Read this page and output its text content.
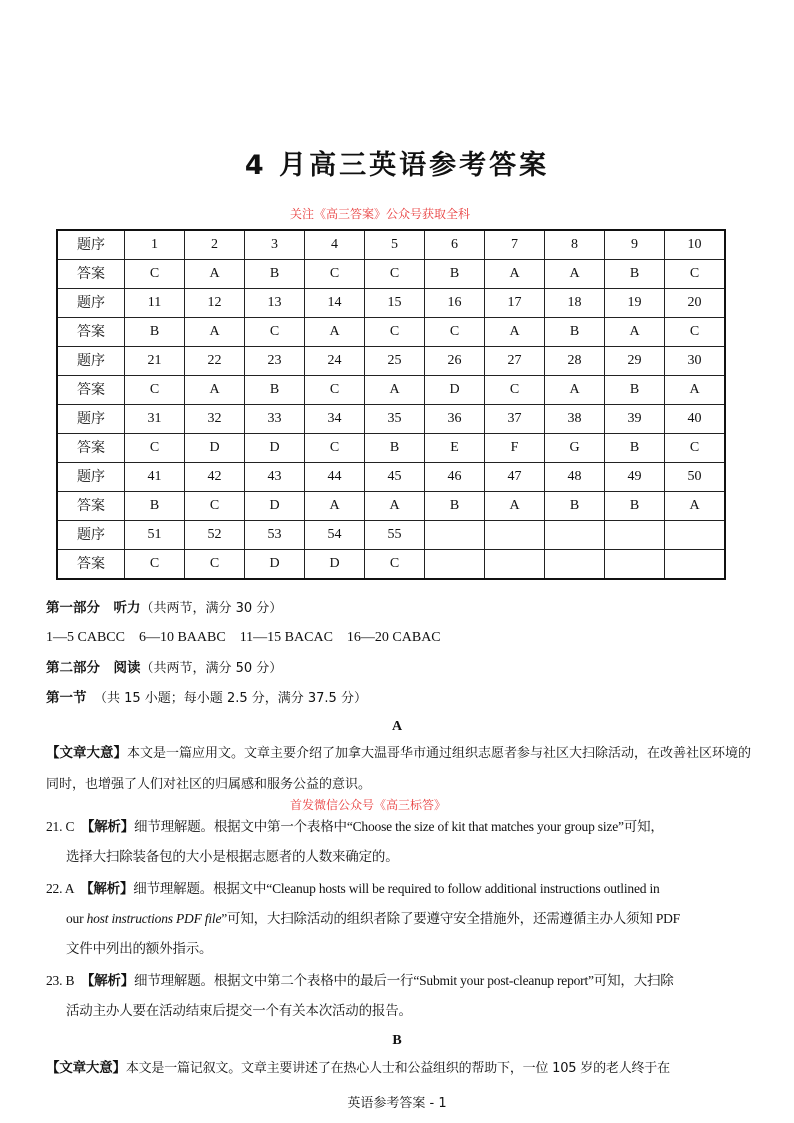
4 月高三英语参考答案
题序	1	2	3	4	5	6	7	8	9	10
答案	C	A	B	C	C	B	A	A	B	C
题序	11	12	13	14	15	16	17	18	19	20
答案	B	A	C	A	C	C	A	B	A	C
题序	21	22	23	24	25	26	27	28	29	30
答案	C	A	B	C	A	D	C	A	B	A
题序	31	32	33	34	35	36	37	38	39	40
答案	C	D	D	C	B	E	F	G	B	C
题序	41	42	43	44	45	46	47	48	49	50
答案	B	C	D	A	A	B	A	B	B	A
题序	51	52	53	54	55					
答案	C	C	D	D	C					
关注《高三答案》公众号获取全科
第一部分　听力（共两节，满分 30 分）
1—5 CABCC　6—10 BAABC　11—15 BACAC　16—20 CABAC
第二部分　阅读（共两节，满分 50 分）
第一节　 （共 15 小题；每小题 2.5 分，满分 37.5 分）
A
【文章大意】本文是一篇应用文。文章主要介绍了加拿大温哥华市通过组织志愿者参与社区大扫除活动，在改善社区环境的同时，也增强了人们对社区的归属感和服务公益的意识。
首发微信公众号《高三标答》
21. C　 【解析】细节理解题。根据文中第一个表格中“Choose the size of kit that matches your group size”可知，
选择大扫除装备包的大小是根据志愿者的人数来确定的。
22. A　 【解析】细节理解题。根据文中“Cleanup hosts will be required to follow additional instructions outlined in
our host instructions PDF file”可知，大扫除活动的组织者除了要遵守安全措施外，还需遵循主办人须知 PDF
文件中列出的额外指示。
23. B　 【解析】细节理解题。根据文中第二个表格中的最后一行“Submit your post-cleanup report”可知，大扫除
活动主办人要在活动结束后提交一个有关本次活动的报告。
B
【文章大意】本文是一篇记叙文。文章主要讲述了在热心人士和公益组织的帮助下，一位 105 岁的老人终于在
英语参考答案 - 1
